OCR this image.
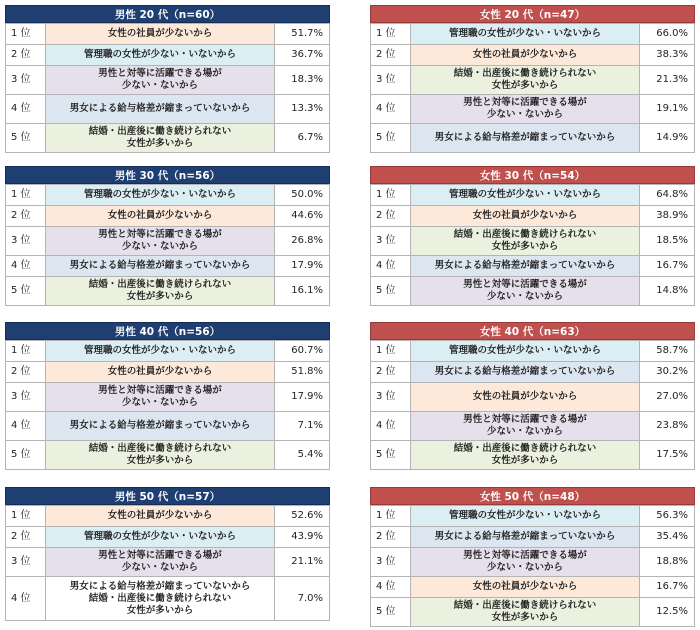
男性 20 代（n=60）
1 位	女性の社員が少ないから	51.7%
2 位	管理職の女性が少ない・いないから	36.7%
3 位	男性と対等に活躍できる場が
少ない・ないから	18.3%
4 位	男女による給与格差が縮まっていないから	13.3%
5 位	結婚・出産後に働き続けられない
女性が多いから	6.7%
女性 20 代（n=47）
1 位	管理職の女性が少ない・いないから	66.0%
2 位	女性の社員が少ないから	38.3%
3 位	結婚・出産後に働き続けられない
女性が多いから	21.3%
4 位	男性と対等に活躍できる場が
少ない・ないから	19.1%
5 位	男女による給与格差が縮まっていないから	14.9%
男性 30 代（n=56）
1 位	管理職の女性が少ない・いないから	50.0%
2 位	女性の社員が少ないから	44.6%
3 位	男性と対等に活躍できる場が
少ない・ないから	26.8%
4 位	男女による給与格差が縮まっていないから	17.9%
5 位	結婚・出産後に働き続けられない
女性が多いから	16.1%
女性 30 代（n=54）
1 位	管理職の女性が少ない・いないから	64.8%
2 位	女性の社員が少ないから	38.9%
3 位	結婚・出産後に働き続けられない
女性が多いから	18.5%
4 位	男女による給与格差が縮まっていないから	16.7%
5 位	男性と対等に活躍できる場が
少ない・ないから	14.8%
男性 40 代（n=56）
1 位	管理職の女性が少ない・いないから	60.7%
2 位	女性の社員が少ないから	51.8%
3 位	男性と対等に活躍できる場が
少ない・ないから	17.9%
4 位	男女による給与格差が縮まっていないから	7.1%
5 位	結婚・出産後に働き続けられない
女性が多いから	5.4%
女性 40 代（n=63）
1 位	管理職の女性が少ない・いないから	58.7%
2 位	男女による給与格差が縮まっていないから	30.2%
3 位	女性の社員が少ないから	27.0%
4 位	男性と対等に活躍できる場が
少ない・ないから	23.8%
5 位	結婚・出産後に働き続けられない
女性が多いから	17.5%
男性 50 代（n=57）
1 位	女性の社員が少ないから	52.6%
2 位	管理職の女性が少ない・いないから	43.9%
3 位	男性と対等に活躍できる場が
少ない・ないから	21.1%
4 位	男女による給与格差が縮まっていないから
結婚・出産後に働き続けられない
女性が多いから	7.0%
女性 50 代（n=48）
1 位	管理職の女性が少ない・いないから	56.3%
2 位	男女による給与格差が縮まっていないから	35.4%
3 位	男性と対等に活躍できる場が
少ない・ないから	18.8%
4 位	女性の社員が少ないから	16.7%
5 位	結婚・出産後に働き続けられない
女性が多いから	12.5%
